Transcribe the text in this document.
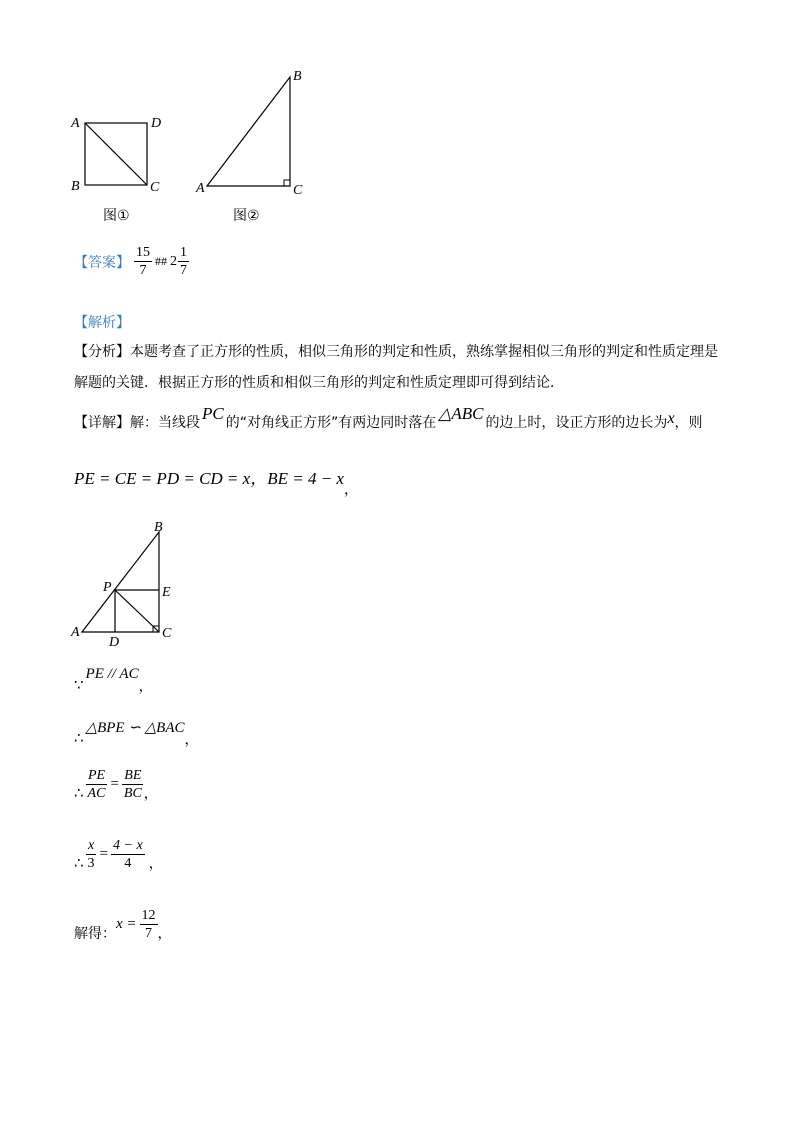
A	D
B	C
图①
B
A	C
图②
【答案】 $\frac{15}{7}$ ## $2 \frac{1}{7}$
【解析】
【分析】本题考查了正方形的性质，相似三角形的判定和性质，熟练掌握相似三角形的判定和性质定理是
解题的关键．根据正方形的性质和相似三角形的判定和性质定理即可得到结论．
【详解】 解：当线段 PC 的“对角线正方形”有两边同时落在 △ABC 的边上时，设正方形的边长为 x ，则
PE = CE = PD = CD = x，BE = $4 - x_,$
B
P	E
A	C
D
∵
PE // AC
，
∴
△BPE ∽ △BAC
，
∴ $\frac{PE}{AC} = \frac{BE}{BC}$ ，
∴ $\frac{x}{3} = \frac{4 - x}{4}$ ，
解得：
$x = \frac{12}{7}$ ，
